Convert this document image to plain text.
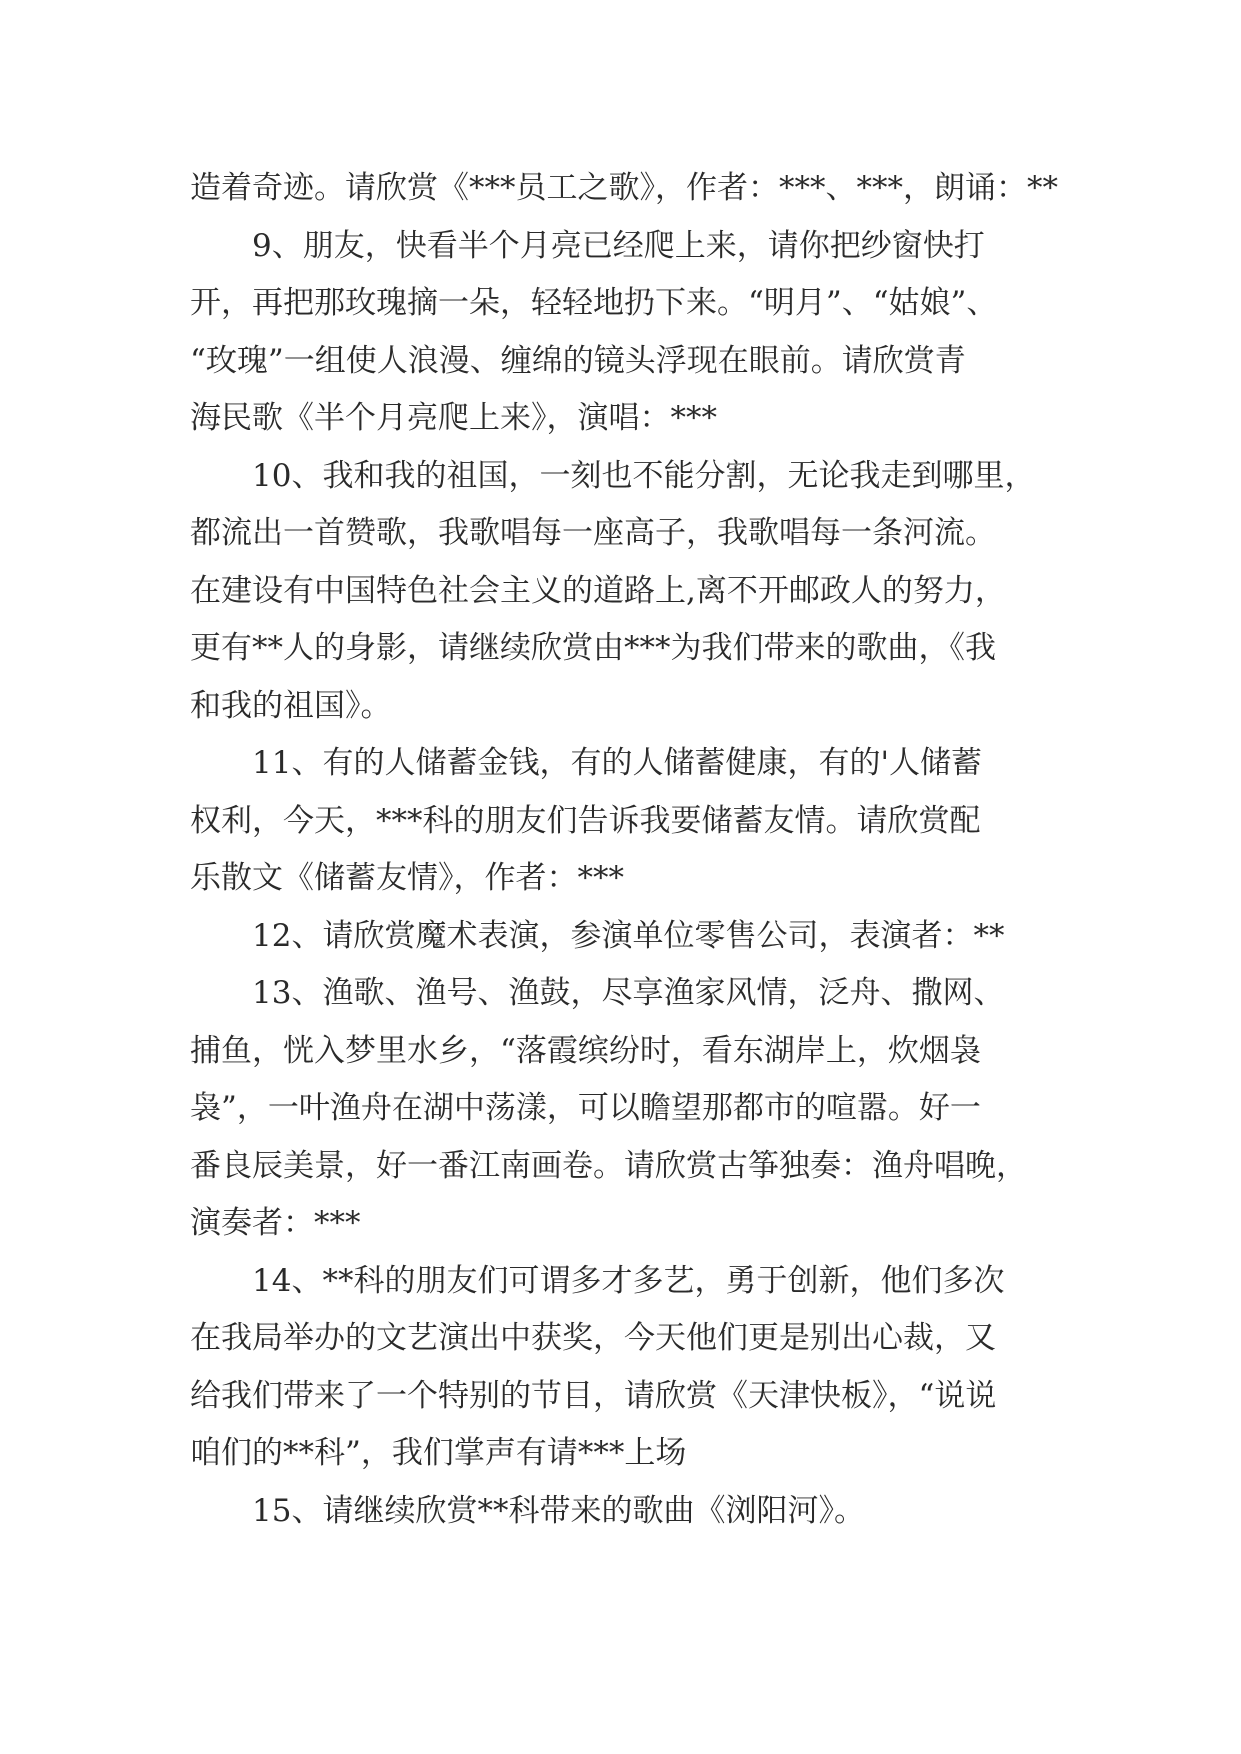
造着奇迹。请欣赏《***员工之歌》，作者：***、***，朗诵：**
9、朋友，快看半个月亮已经爬上来，请你把纱窗快打
开，再把那玫瑰摘一朵，轻轻地扔下来。“明月”、“姑娘”、
“玫瑰”一组使人浪漫、缠绵的镜头浮现在眼前。请欣赏青
海民歌《半个月亮爬上来》，演唱：***
10、我和我的祖国，一刻也不能分割，无论我走到哪里，
都流出一首赞歌，我歌唱每一座高子，我歌唱每一条河流。
在建设有中国特色社会主义的道路上,离不开邮政人的努力，
更有**人的身影，请继续欣赏由***为我们带来的歌曲，《我
和我的祖国》。
11、有的人储蓄金钱，有的人储蓄健康，有的'人储蓄
权利，今天，***科的朋友们告诉我要储蓄友情。请欣赏配
乐散文《储蓄友情》，作者：***
12、请欣赏魔术表演，参演单位零售公司，表演者：**
13、渔歌、渔号、渔鼓，尽享渔家风情，泛舟、撒网、
捕鱼，恍入梦里水乡，“落霞缤纷时，看东湖岸上，炊烟袅
袅”，一叶渔舟在湖中荡漾，可以瞻望那都市的喧嚣。好一
番良辰美景，好一番江南画卷。请欣赏古筝独奏：渔舟唱晚，
演奏者：***
14、**科的朋友们可谓多才多艺，勇于创新，他们多次
在我局举办的文艺演出中获奖，今天他们更是别出心裁，又
给我们带来了一个特别的节目，请欣赏《天津快板》，“说说
咱们的**科”，我们掌声有请***上场
15、请继续欣赏**科带来的歌曲《浏阳河》。
